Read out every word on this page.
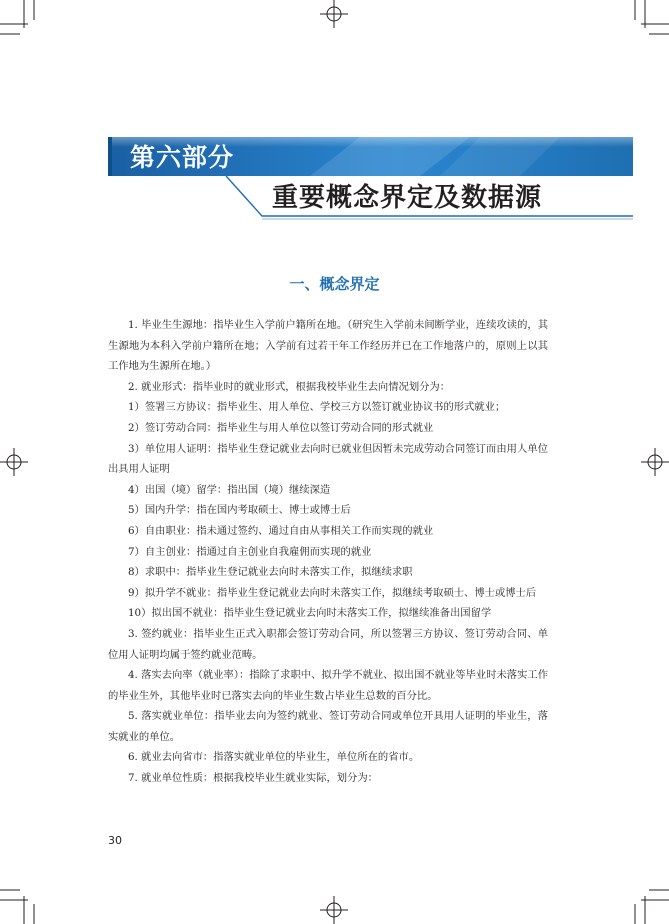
第六部分
重要概念界定及数据源
一、概念界定

1. 毕业生生源地：指毕业生入学前户籍所在地。（研究生入学前未间断学业，连续攻读的，其生源地为本科入学前户籍所在地；入学前有过若干年工作经历并已在工作地落户的，原则上以其工作地为生源所在地。）

2. 就业形式：指毕业时的就业形式，根据我校毕业生去向情况划分为：

1）签署三方协议：指毕业生、用人单位、学校三方以签订就业协议书的形式就业；

2）签订劳动合同：指毕业生与用人单位以签订劳动合同的形式就业

3）单位用人证明：指毕业生登记就业去向时已就业但因暂未完成劳动合同签订而由用人单位出具用人证明

4）出国（境）留学：指出国（境）继续深造

5）国内升学：指在国内考取硕士、博士或博士后

6）自由职业：指未通过签约、通过自由从事相关工作而实现的就业

7）自主创业：指通过自主创业自我雇佣而实现的就业

8）求职中：指毕业生登记就业去向时未落实工作，拟继续求职

9）拟升学不就业：指毕业生登记就业去向时未落实工作，拟继续考取硕士、博士或博士后

10）拟出国不就业：指毕业生登记就业去向时未落实工作，拟继续准备出国留学

3. 签约就业：指毕业生正式入职都会签订劳动合同，所以签署三方协议、签订劳动合同、单位用人证明均属于签约就业范畴。

4. 落实去向率（就业率）：指除了求职中、拟升学不就业、拟出国不就业等毕业时未落实工作的毕业生外，其他毕业时已落实去向的毕业生数占毕业生总数的百分比。

5. 落实就业单位：指毕业去向为签约就业、签订劳动合同或单位开具用人证明的毕业生，落实就业的单位。

6. 就业去向省市：指落实就业单位的毕业生，单位所在的省市。

7. 就业单位性质：根据我校毕业生就业实际，划分为：

30
